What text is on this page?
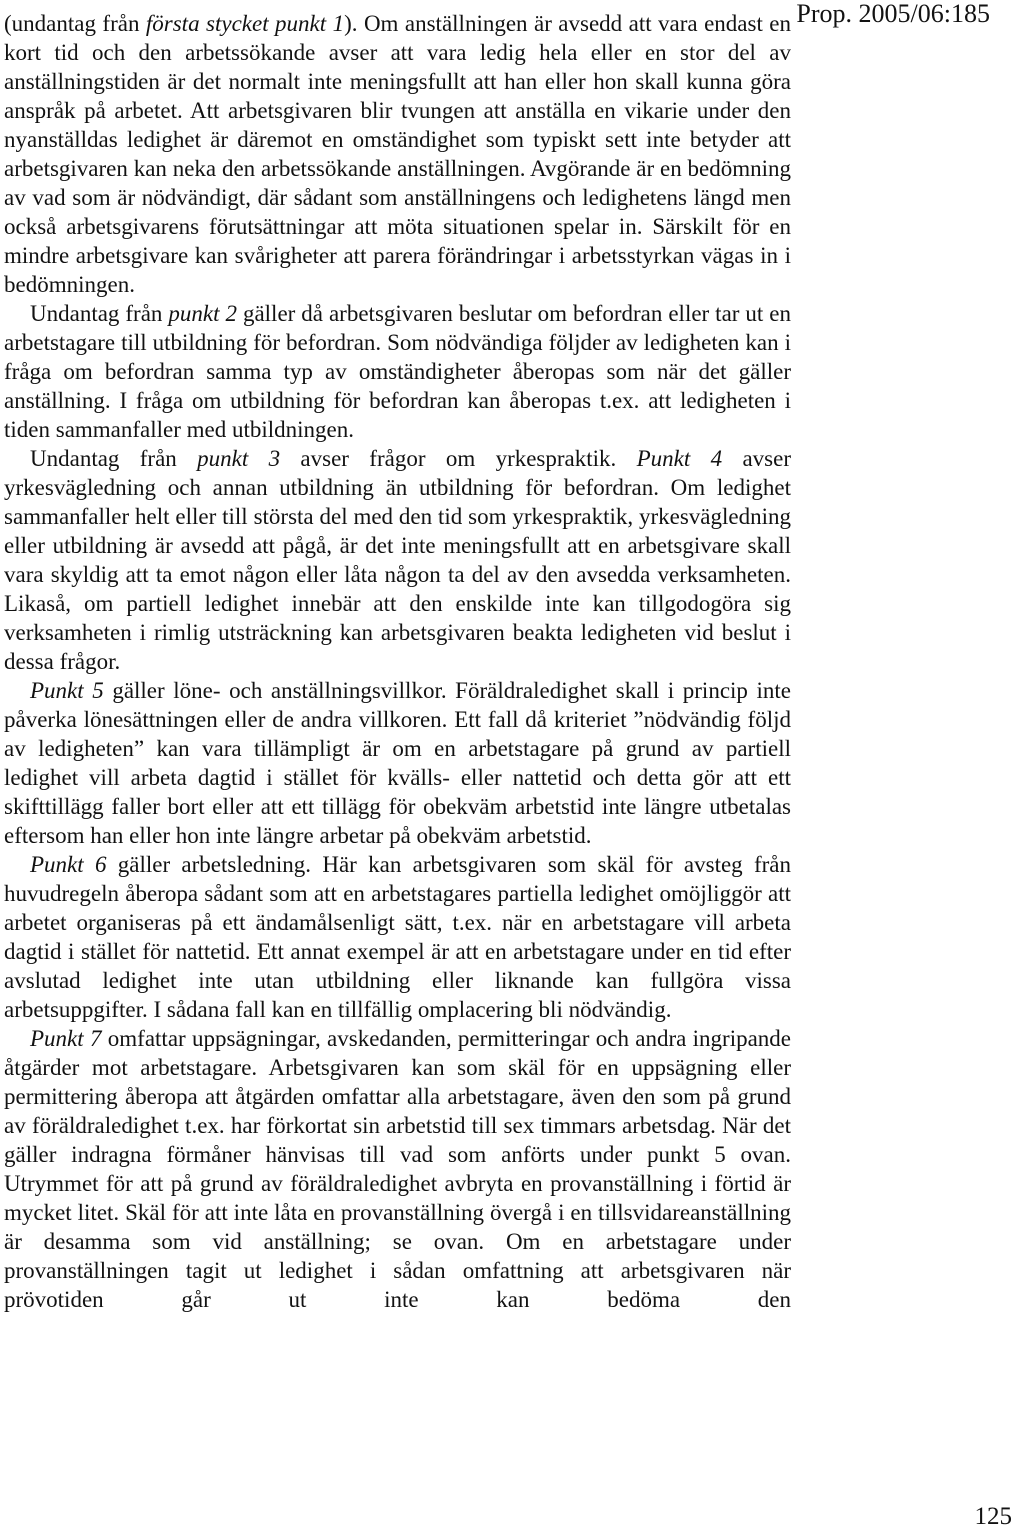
Prop. 2005/06:185

(undantag från första stycket punkt 1). Om anställningen är avsedd att vara endast en kort tid och den arbetssökande avser att vara ledig hela eller en stor del av anställningstiden är det normalt inte meningsfullt att han eller hon skall kunna göra anspråk på arbetet. Att arbetsgivaren blir tvungen att anställa en vikarie under den nyanställdas ledighet är däremot en omständighet som typiskt sett inte betyder att arbetsgivaren kan neka den arbetssökande anställningen. Avgörande är en bedömning av vad som är nödvändigt, där sådant som anställningens och ledighetens längd men också arbetsgivarens förutsättningar att möta situationen spelar in. Särskilt för en mindre arbetsgivare kan svårigheter att parera förändringar i arbetsstyrkan vägas in i bedömningen.

Undantag från punkt 2 gäller då arbetsgivaren beslutar om befordran eller tar ut en arbetstagare till utbildning för befordran. Som nödvändiga följder av ledigheten kan i fråga om befordran samma typ av omständigheter åberopas som när det gäller anställning. I fråga om utbildning för befordran kan åberopas t.ex. att ledigheten i tiden sammanfaller med utbildningen.

Undantag från punkt 3 avser frågor om yrkespraktik. Punkt 4 avser yrkesvägledning och annan utbildning än utbildning för befordran. Om ledighet sammanfaller helt eller till största del med den tid som yrkespraktik, yrkesvägledning eller utbildning är avsedd att pågå, är det inte meningsfullt att en arbetsgivare skall vara skyldig att ta emot någon eller låta någon ta del av den avsedda verksamheten. Likaså, om partiell ledighet innebär att den enskilde inte kan tillgodogöra sig verksamheten i rimlig utsträckning kan arbetsgivaren beakta ledigheten vid beslut i dessa frågor.

Punkt 5 gäller löne- och anställningsvillkor. Föräldraledighet skall i princip inte påverka lönesättningen eller de andra villkoren. Ett fall då kriteriet ”nödvändig följd av ledigheten” kan vara tillämpligt är om en arbetstagare på grund av partiell ledighet vill arbeta dagtid i stället för kvälls- eller nattetid och detta gör att ett skifttillägg faller bort eller att ett tillägg för obekväm arbetstid inte längre utbetalas eftersom han eller hon inte längre arbetar på obekväm arbetstid.

Punkt 6 gäller arbetsledning. Här kan arbetsgivaren som skäl för avsteg från huvudregeln åberopa sådant som att en arbetstagares partiella ledighet omöjliggör att arbetet organiseras på ett ändamålsenligt sätt, t.ex. när en arbetstagare vill arbeta dagtid i stället för nattetid. Ett annat exempel är att en arbetstagare under en tid efter avslutad ledighet inte utan utbildning eller liknande kan fullgöra vissa arbetsuppgifter. I sådana fall kan en tillfällig omplacering bli nödvändig.

Punkt 7 omfattar uppsägningar, avskedanden, permitteringar och andra ingripande åtgärder mot arbetstagare. Arbetsgivaren kan som skäl för en uppsägning eller permittering åberopa att åtgärden omfattar alla arbetstagare, även den som på grund av föräldraledighet t.ex. har förkortat sin arbetstid till sex timmars arbetsdag. När det gäller indragna förmåner hänvisas till vad som anförts under punkt 5 ovan. Utrymmet för att på grund av föräldraledighet avbryta en provanställning i förtid är mycket litet. Skäl för att inte låta en provanställning övergå i en tillsvidareanställning är desamma som vid anställning; se ovan. Om en arbetstagare under provanställningen tagit ut ledighet i sådan omfattning att arbetsgivaren när prövotiden går ut inte kan bedöma den

125
